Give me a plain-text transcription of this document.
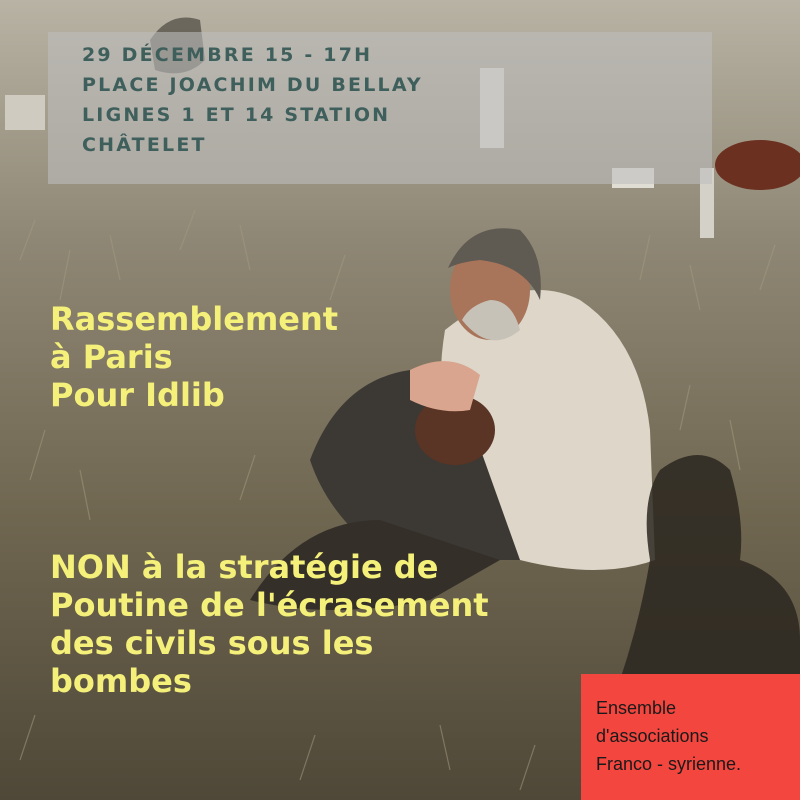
29 DÉCEMBRE 15 - 17H
PLACE JOACHIM DU BELLAY
LIGNES 1 ET 14 STATION
CHÂTELET
Rassemblement
à Paris
Pour Idlib
NON à la stratégie de
Poutine de l'écrasement
des civils sous les
bombes
Ensemble
d'associations
Franco - syrienne.
